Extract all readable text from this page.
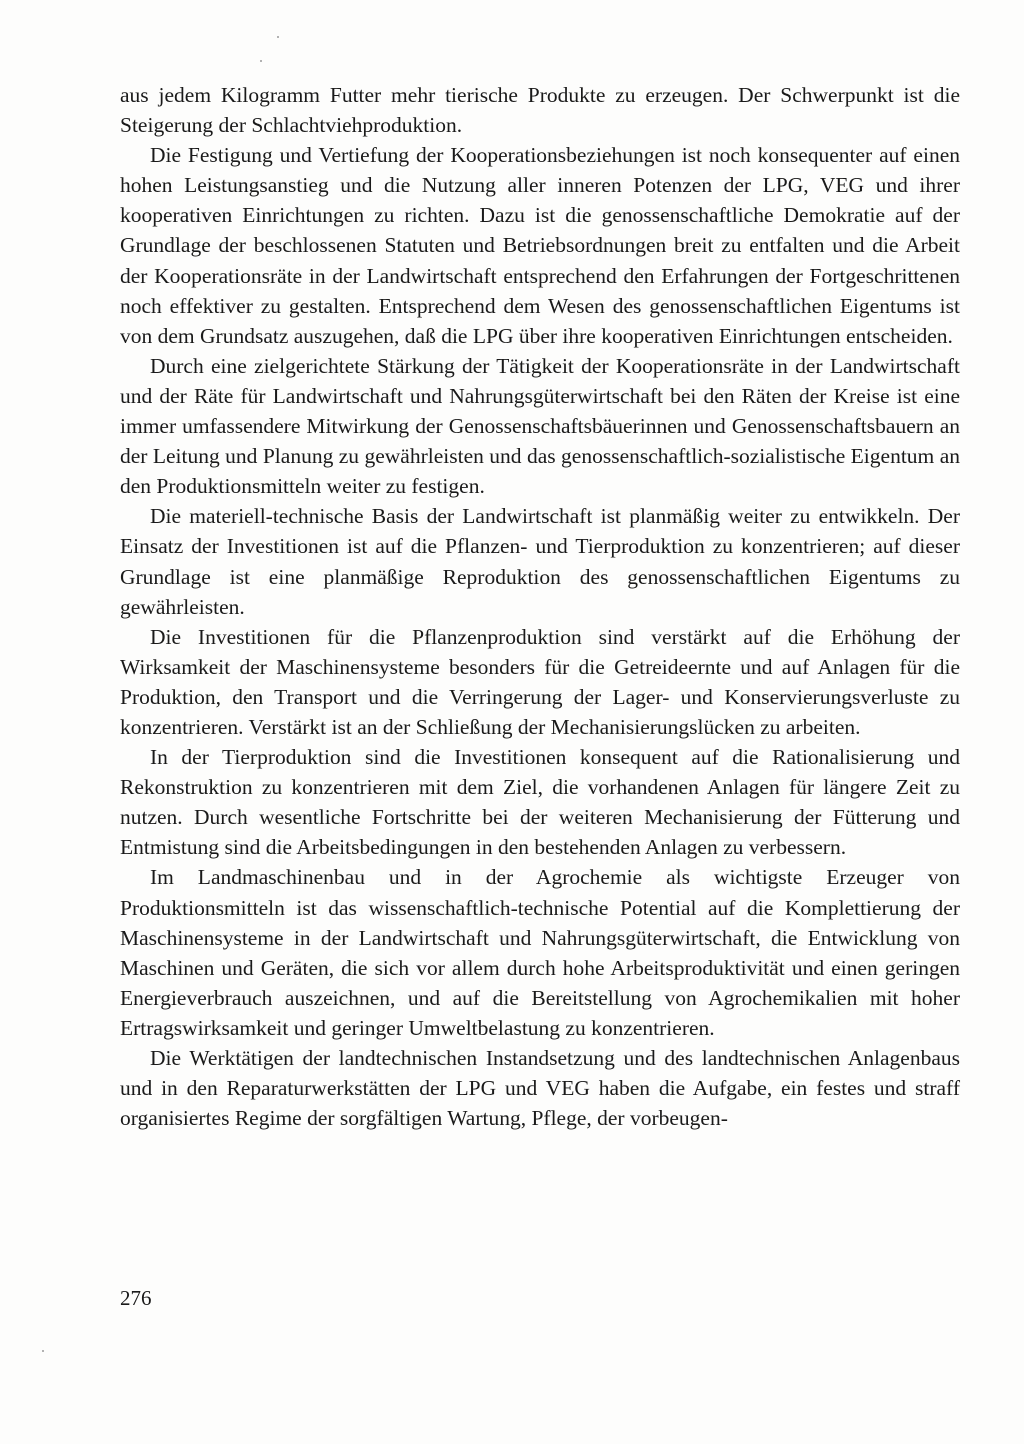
aus jedem Kilogramm Futter mehr tierische Produkte zu erzeugen. Der Schwerpunkt ist die Steigerung der Schlachtviehproduktion.

Die Festigung und Vertiefung der Kooperationsbeziehungen ist noch konsequenter auf einen hohen Leistungsanstieg und die Nutzung aller inneren Potenzen der LPG, VEG und ihrer kooperativen Einrichtungen zu richten. Dazu ist die genossenschaftliche Demokratie auf der Grundlage der beschlossenen Statuten und Betriebsordnungen breit zu entfalten und die Arbeit der Kooperationsräte in der Landwirtschaft entsprechend den Erfahrungen der Fortgeschrittenen noch effektiver zu gestalten. Entsprechend dem Wesen des genossenschaftlichen Eigentums ist von dem Grundsatz auszugehen, daß die LPG über ihre kooperativen Einrichtungen entscheiden.

Durch eine zielgerichtete Stärkung der Tätigkeit der Kooperationsräte in der Landwirtschaft und der Räte für Landwirtschaft und Nahrungsgüterwirtschaft bei den Räten der Kreise ist eine immer umfassendere Mitwirkung der Genossenschaftsbäuerinnen und Genossenschaftsbauern an der Leitung und Planung zu gewährleisten und das genossenschaftlich-sozialistische Eigentum an den Produktionsmitteln weiter zu festigen.

Die materiell-technische Basis der Landwirtschaft ist planmäßig weiter zu entwikkeln. Der Einsatz der Investitionen ist auf die Pflanzen- und Tierproduktion zu konzentrieren; auf dieser Grundlage ist eine planmäßige Reproduktion des genossenschaftlichen Eigentums zu gewährleisten.

Die Investitionen für die Pflanzenproduktion sind verstärkt auf die Erhöhung der Wirksamkeit der Maschinensysteme besonders für die Getreideernte und auf Anlagen für die Produktion, den Transport und die Verringerung der Lager- und Konservierungsverluste zu konzentrieren. Verstärkt ist an der Schließung der Mechanisierungslücken zu arbeiten.

In der Tierproduktion sind die Investitionen konsequent auf die Rationalisierung und Rekonstruktion zu konzentrieren mit dem Ziel, die vorhandenen Anlagen für längere Zeit zu nutzen. Durch wesentliche Fortschritte bei der weiteren Mechanisierung der Fütterung und Entmistung sind die Arbeitsbedingungen in den bestehenden Anlagen zu verbessern.

Im Landmaschinenbau und in der Agrochemie als wichtigste Erzeuger von Produktionsmitteln ist das wissenschaftlich-technische Potential auf die Komplettierung der Maschinensysteme in der Landwirtschaft und Nahrungsgüterwirtschaft, die Entwicklung von Maschinen und Geräten, die sich vor allem durch hohe Arbeitsproduktivität und einen geringen Energieverbrauch auszeichnen, und auf die Bereitstellung von Agrochemikalien mit hoher Ertragswirksamkeit und geringer Umweltbelastung zu konzentrieren.

Die Werktätigen der landtechnischen Instandsetzung und des landtechnischen Anlagenbaus und in den Reparaturwerkstätten der LPG und VEG haben die Aufgabe, ein festes und straff organisiertes Regime der sorgfältigen Wartung, Pflege, der vorbeugen-

276
